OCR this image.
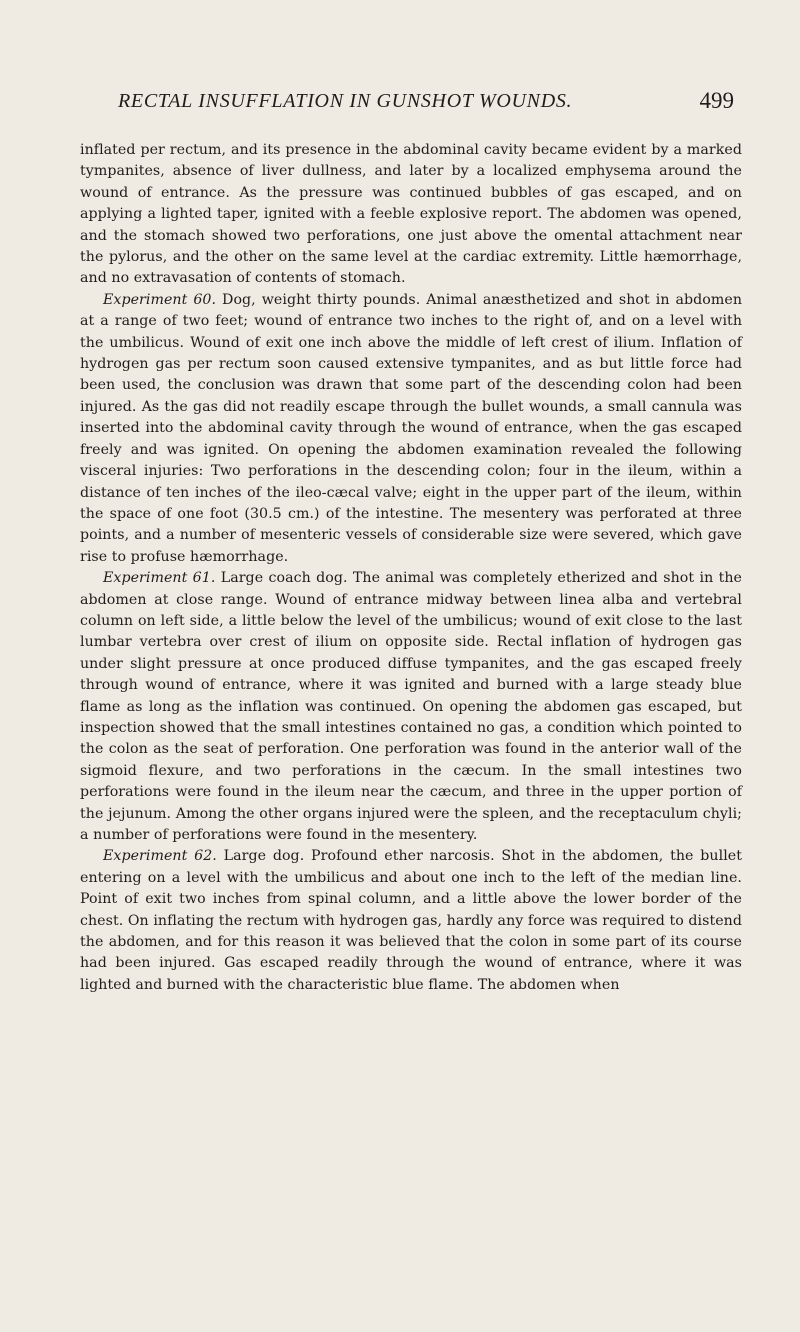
RECTAL INSUFFLATION IN GUNSHOT WOUNDS.	499

inflated per rectum, and its presence in the abdominal cavity became evident by a marked tympanites, absence of liver dullness, and later by a localized emphysema around the wound of entrance. As the pressure was continued bubbles of gas escaped, and on applying a lighted taper, ignited with a feeble explosive report. The abdomen was opened, and the stomach showed two perforations, one just above the omental attachment near the pylorus, and the other on the same level at the cardiac extremity. Little hæmorrhage, and no extravasation of contents of stomach.

Experiment 60. Dog, weight thirty pounds. Animal anæsthetized and shot in abdomen at a range of two feet; wound of entrance two inches to the right of, and on a level with the umbilicus. Wound of exit one inch above the middle of left crest of ilium. Inflation of hydrogen gas per rectum soon caused extensive tympanites, and as but little force had been used, the conclusion was drawn that some part of the descending colon had been injured. As the gas did not readily escape through the bullet wounds, a small cannula was inserted into the abdominal cavity through the wound of entrance, when the gas escaped freely and was ignited. On opening the abdomen examination revealed the following visceral injuries: Two perforations in the descending colon; four in the ileum, within a distance of ten inches of the ileo-cæcal valve; eight in the upper part of the ileum, within the space of one foot (30.5 cm.) of the intestine. The mesentery was perforated at three points, and a number of mesenteric vessels of considerable size were severed, which gave rise to profuse hæmorrhage.

Experiment 61. Large coach dog. The animal was completely etherized and shot in the abdomen at close range. Wound of entrance midway between linea alba and vertebral column on left side, a little below the level of the umbilicus; wound of exit close to the last lumbar vertebra over crest of ilium on opposite side. Rectal inflation of hydrogen gas under slight pressure at once produced diffuse tympanites, and the gas escaped freely through wound of entrance, where it was ignited and burned with a large steady blue flame as long as the inflation was continued. On opening the abdomen gas escaped, but inspection showed that the small intestines contained no gas, a condition which pointed to the colon as the seat of perforation. One perforation was found in the anterior wall of the sigmoid flexure, and two perforations in the cæcum. In the small intestines two perforations were found in the ileum near the cæcum, and three in the upper portion of the jejunum. Among the other organs injured were the spleen, and the receptaculum chyli; a number of perforations were found in the mesentery.

Experiment 62. Large dog. Profound ether narcosis. Shot in the abdomen, the bullet entering on a level with the umbilicus and about one inch to the left of the median line. Point of exit two inches from spinal column, and a little above the lower border of the chest. On inflating the rectum with hydrogen gas, hardly any force was required to distend the abdomen, and for this reason it was believed that the colon in some part of its course had been injured. Gas escaped readily through the wound of entrance, where it was lighted and burned with the characteristic blue flame. The abdomen when
